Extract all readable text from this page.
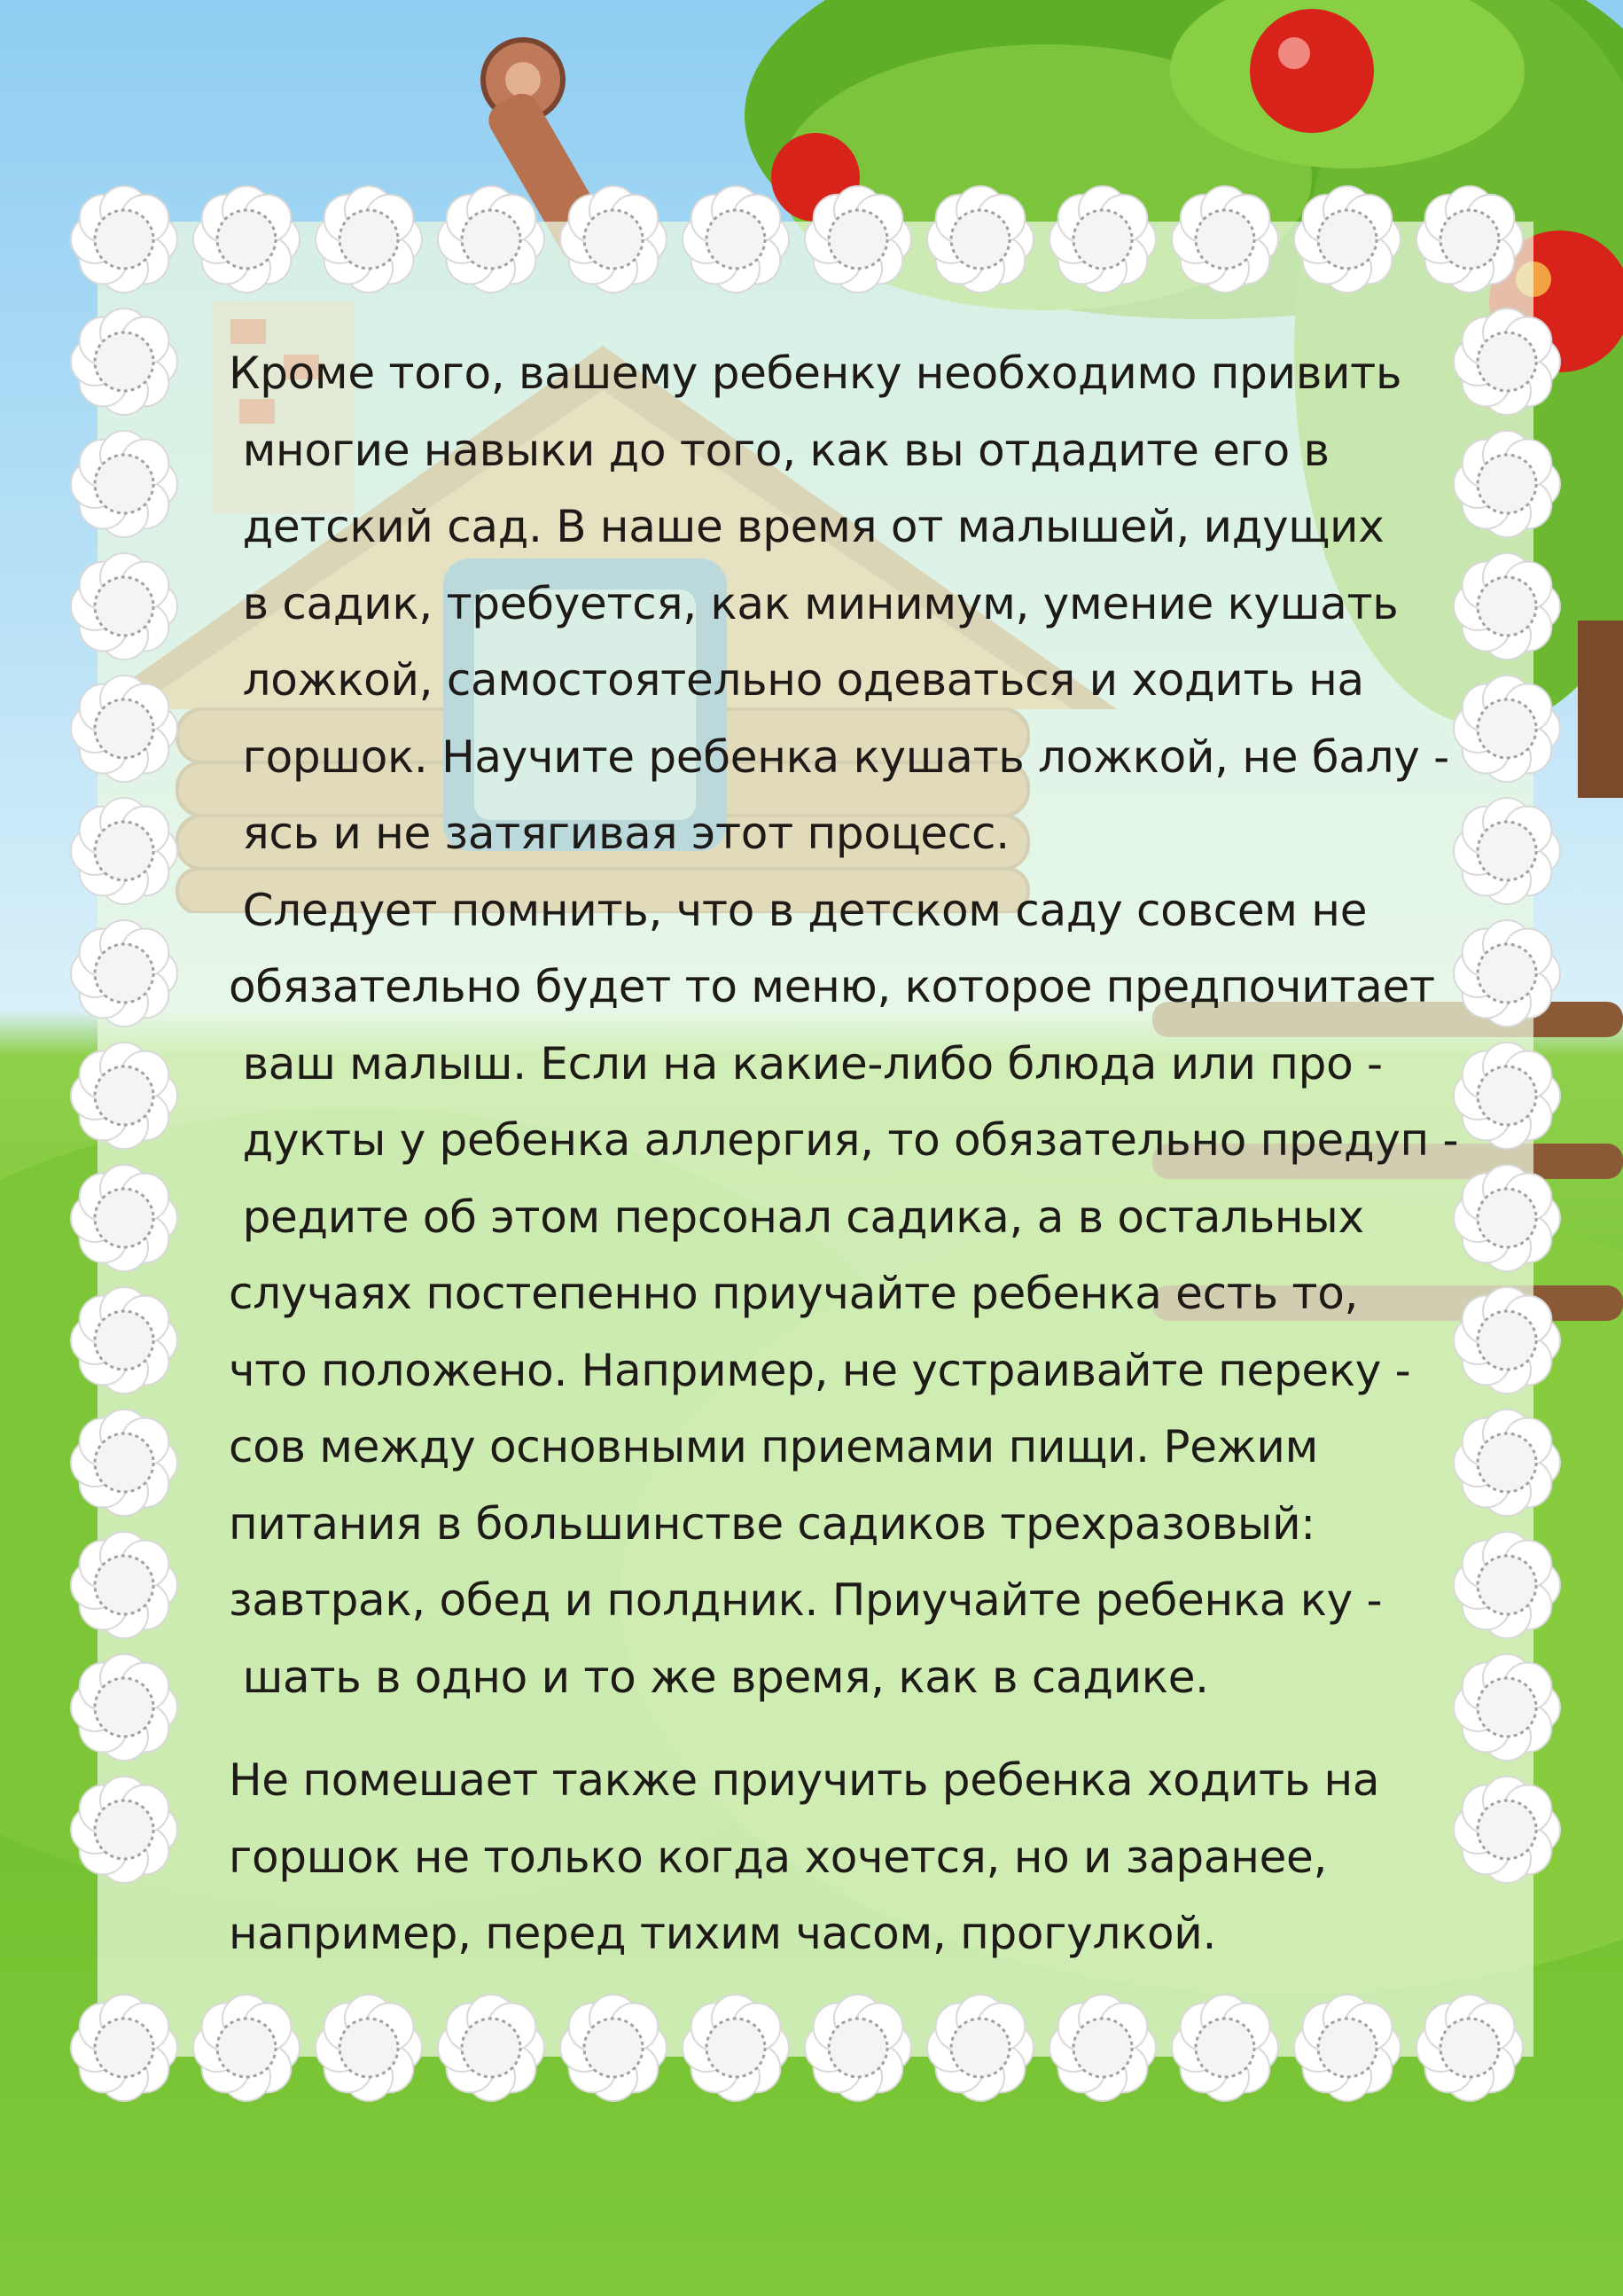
Кроме того, вашему ребенку необходимо привить
многие навыки до того, как вы отдадите его в
детский сад. В наше время от малышей, идущих
в садик, требуется, как минимум, умение кушать
ложкой, самостоятельно одеваться и ходить на
горшок. Научите ребенка кушать ложкой, не балу -
ясь и не затягивая этот процесс.
Следует помнить, что в детском саду совсем не
обязательно будет то меню, которое предпочитает
ваш малыш. Если на какие-либо блюда или про -
дукты у ребенка аллергия, то обязательно предуп -
редите об этом персонал садика, а в остальных
случаях постепенно приучайте ребенка есть то,
что положено. Например, не устраивайте переку -
сов между основными приемами пищи. Режим
питания в большинстве садиков трехразовый:
завтрак, обед и полдник. Приучайте ребенка ку -
шать в одно и то же время, как в садике.
Не помешает также приучить ребенка ходить на
горшок не только когда хочется, но и заранее,
например, перед тихим часом, прогулкой.
